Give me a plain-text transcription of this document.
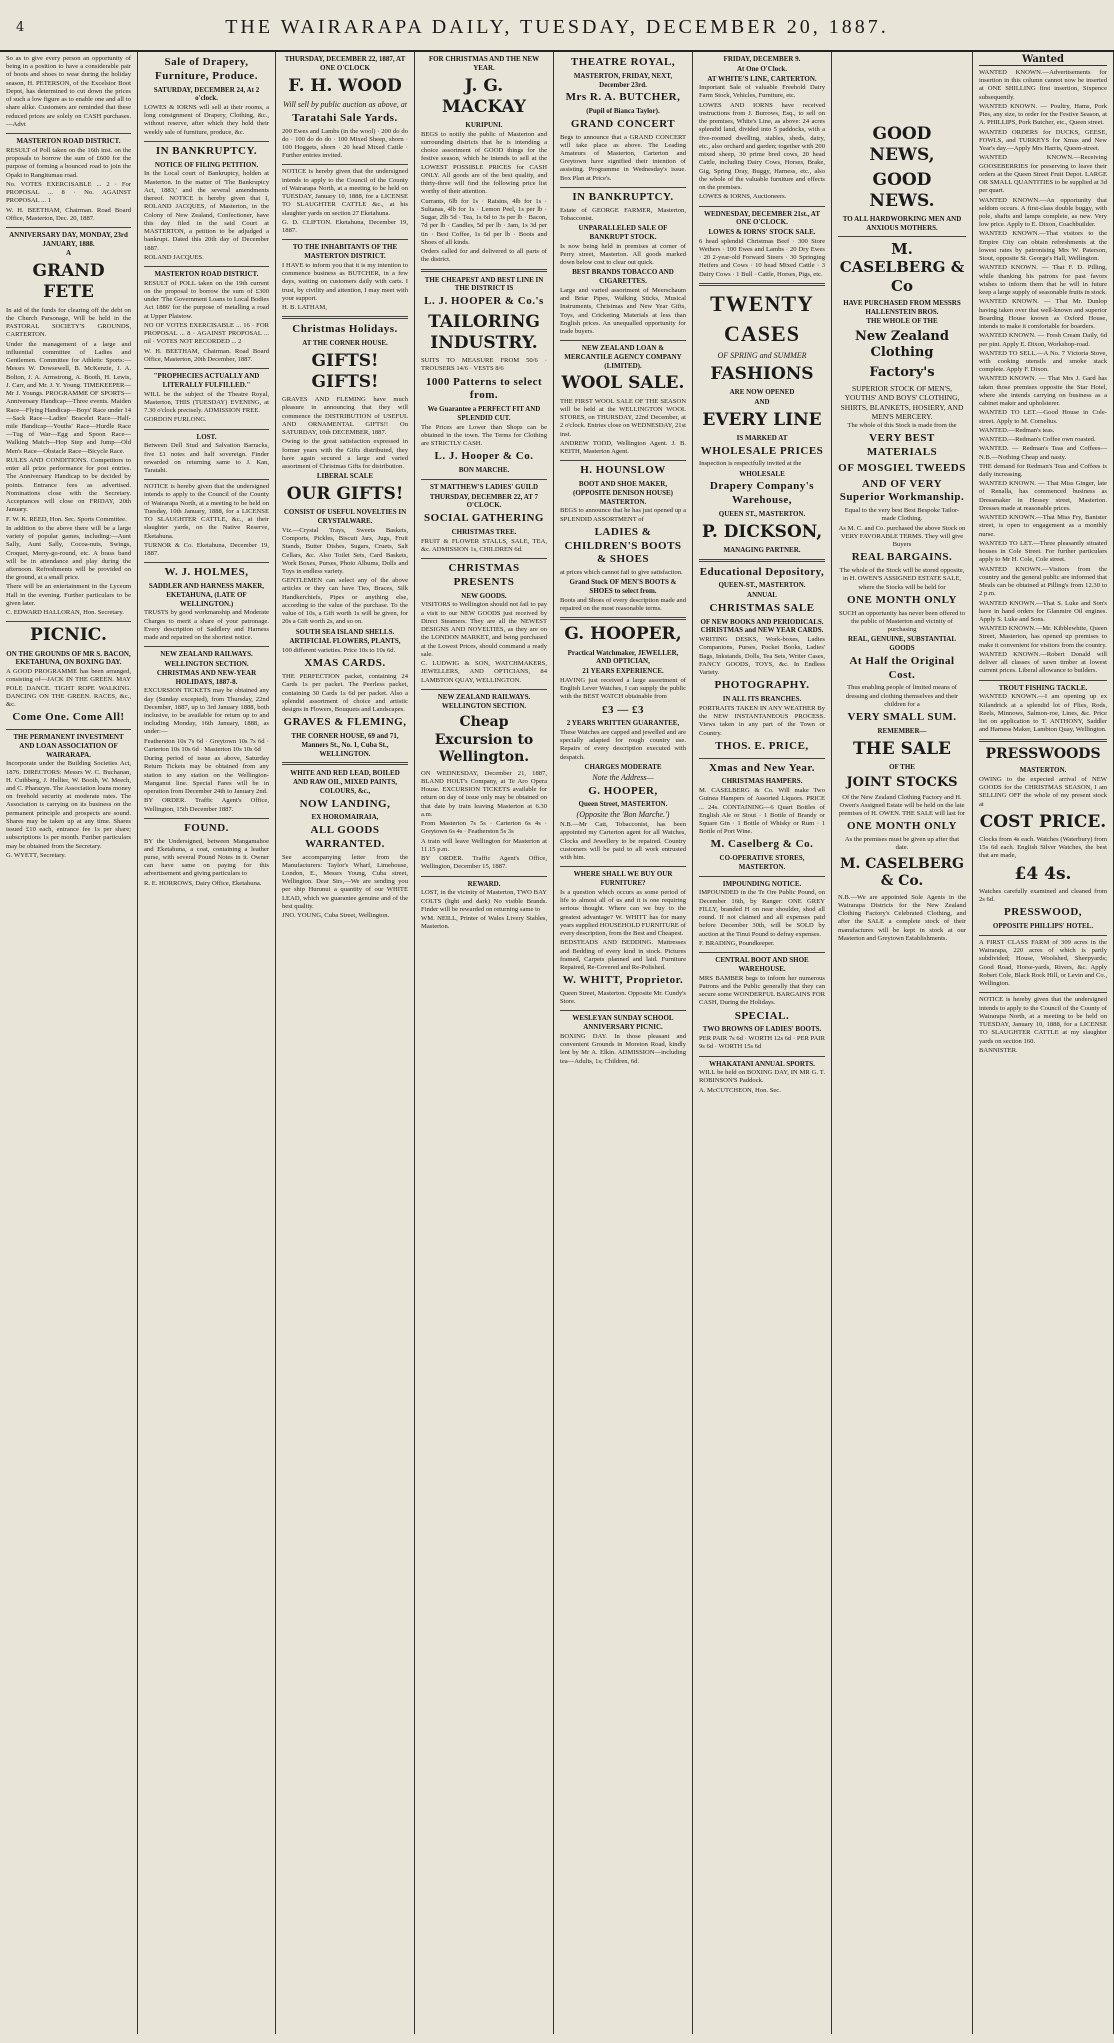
4	THE WAIRARAPA DAILY, TUESDAY, DECEMBER 20, 1887.

So as to give every person an opportunity of being in a position to have a considerable pair of boots and shoes to wear during the holiday season, H. PETERSON, of the Excelsior Boot Depot, has determined to cut down the prices of such a low figure as to enable one and all to share alike. Customers are reminded that these reduced prices are solely on CASH purchases.—Advt

MASTERTON ROAD DISTRICT.

RESULT of Poll taken on the 16th inst. on the proposals to borrow the sum of £600 for the purpose of forming a bounced road to join the Opaki to Rangitumau road.

No. VOTES EXERCISABLE ... 2 · For PROPOSAL ... 8 · No. AGAINST PROPOSAL ... 1

W. H. BEETHAM, Chairman. Road Board Office, Masterton, Dec. 20, 1887.

ANNIVERSARY DAY, MONDAY, 23rd JANUARY, 1888.
A
GRAND FETE

In aid of the funds for clearing off the debt on the Church Parsonage, Will be held in the PASTORAL SOCIETY'S GROUNDS, CARTERTON.

Under the management of a large and influential committee of Ladies and Gentlemen. Committee for Athletic Sports:—Messrs W. Dowsewell, B. McKenzie, J. A. Bolton, J. A. Armstrong, A. Booth, H. Lewis, J. Carr, and Mr. J. Y. Young. TIMEKEEPER—Mr J. Youngs. PROGRAMME OF SPORTS—Anniversary Handicap—Three events. Maiden Race—Flying Handicap—Boys' Race under 14—Sack Race—Ladies' Bracelet Race—Half-mile Handicap—Youths' Race—Hurdle Race—Tug of War—Egg and Spoon Race—Walking Match—Hop Step and Jump—Old Men's Race—Obstacle Race—Bicycle Race.

RULES AND CONDITIONS. Competitors to enter all prize performance for post entries. The Anniversary Handicap to be decided by points. Entrance fees as advertised. Nominations close with the Secretary. Acceptances will close on FRIDAY, 20th January.

F. W. K. REED, Hon. Sec. Sports Committee.

In addition to the above there will be a large variety of popular games, including:—Aunt Sally, Aunt Sally, Cocoa-nuts, Swings, Croquet, Merry-go-round, etc. A brass band will be in attendance and play during the afternoon. Refreshments will be provided on the ground, at a small price.

There will be an entertainment in the Lyceum Hall in the evening. Further particulars to be given later.

C. EDWARD HALLORAN, Hon. Secretary.

PICNIC.
ON THE GROUNDS OF MR S. BACON, EKETAHUNA, ON BOXING DAY.

A GOOD PROGRAMME has been arranged, consisting of—JACK IN THE GREEN. MAY POLE DANCE. TIGHT ROPE WALKING. DANCING ON THE GREEN. RACES, &c., &c.

Come One. Come All!
THE PERMANENT INVESTMENT AND LOAN ASSOCIATION OF WAIRARAPA.

Incorporate under the Building Societies Act, 1876. DIRECTORS: Messrs W. C. Buchanan, H. Cuthberg, J. Hellier, W. Booth, W. Meech, and C. Pharazyn. The Association loans money on freehold security at moderate rates. The Association is carrying on its business on the permanent principle and prospects are sound. Shares may be taken up at any time. Shares issued £10 each, entrance fee 1s per share; subscriptions 1s per month. Further particulars may be obtained from the Secretary.

G. WYETT, Secretary.

Sale of Drapery, Furniture, Produce.
SATURDAY, DECEMBER 24, At 2 o'clock.

LOWES & IORNS will sell at their rooms, a long consignment of Drapery, Clothing, &c., without reserve, after which they hold their weekly sale of furniture, produce, &c.

IN BANKRUPTCY.
NOTICE OF FILING PETITION.

In the Local court of Bankruptcy, holden at Masterton. In the matter of 'The Bankruptcy Act, 1883,' and the several amendments thereof. NOTICE is hereby given that I, ROLAND JACQUES, of Masterton, in the Colony of New Zealand, Confectioner, have this day filed in the said Court at MASTERTON, a petition to be adjudged a bankrupt. Dated this 20th day of December 1887.

ROLAND JACQUES.

MASTERTON ROAD DISTRICT.

RESULT of POLL taken on the 19th current on the proposal to borrow the sum of £300 under 'The Government Loans to Local Bodies Act 1886' for the purpose of metalling a road at Upper Plaistow.

NO OF VOTES EXERCISABLE ... 16 · FOR PROPOSAL ... 8 · AGAINST PROPOSAL ... nil · VOTES NOT RECORDED ... 2

W. H. BEETHAM, Chairman. Road Board Office, Masterton, 20th December, 1887.

"PROPHECIES ACTUALLY AND LITERALLY FULFILLED."

WILL be the subject of the Theatre Royal, Masterton, THIS (TUESDAY) EVENING, at 7.30 o'clock precisely. ADMISSION FREE.

GORDON FURLONG.

LOST.

Between Dell Stud and Salvation Barracks, five £1 notes and half sovereign. Finder rewarded on returning same to J. Kan, Taratahi.

NOTICE is hereby given that the undersigned intends to apply to the Council of the County of Wairarapa North, at a meeting to be held on Tuesday, 10th January, 1888, for a LICENSE TO SLAUGHTER CATTLE, &c., at their slaughter yards, on the Native Reserve, Eketahuna.

TURNOR & Co. Eketahuna, December 19, 1887.

W. J. HOLMES,
SADDLER AND HARNESS MAKER, EKETAHUNA, (LATE OF WELLINGTON.)

TRUSTS by good workmanship and Moderate Charges to merit a share of your patronage. Every description of Saddlery and Harness made and repaired on the shortest notice.

NEW ZEALAND RAILWAYS.
WELLINGTON SECTION. CHRISTMAS AND NEW-YEAR HOLIDAYS, 1887-8.

EXCURSION TICKETS may be obtained any day (Sunday excepted), from Thursday, 22nd December, 1887, up to 3rd January 1888, both inclusive, to be available for return up to and including Monday, 16th January, 1888, as under:—

Featherston 10s 7s 6d · Greytown 10s 7s 6d · Carterton 10s 10s 6d · Masterton 10s 10s 6d

During period of issue as above, Saturday Return Tickets may be obtained from any station to any station on the Wellington-Manganui line. Special Fares will be in operation from December 24th to January 2nd.

BY ORDER. Traffic Agent's Office, Wellington, 15th December 1887.

FOUND.

BY the Undersigned, between Mangamahoe and Eketahuna, a coat, containing a leather purse, with several Pound Notes in it. Owner can have same on paying for this advertisement and giving particulars to

R. E. HORROWS, Dairy Office, Eketahuna.

THURSDAY, DECEMBER 22, 1887, AT ONE O'CLOCK
F. H. WOOD
Will sell by public auction as above, at
Taratahi Sale Yards.

200 Ewes and Lambs (in the wool) · 200 do do do · 100 do do do · 100 Mixed Sheep, shorn · 100 Hoggets, shorn · 20 head Mixed Cattle · Further entries invited.

NOTICE is hereby given that the undersigned intends to apply to the Council of the County of Wairarapa North, at a meeting to be held on TUESDAY, January 10, 1888, for a LICENSE TO SLAUGHTER CATTLE &c., at his slaughter yards on section 27 Eketahuna.

G. D. CLIFTON. Eketahuna, December 19, 1887.

TO THE INHABITANTS OF THE MASTERTON DISTRICT.

I HAVE to inform you that it is my intention to commence business as BUTCHER, in a few days, waiting on customers daily with carts. I trust, by civility and attention, I may meet with your support.

H. B. LATHAM,

Christmas Holidays.
AT THE CORNER HOUSE.
GIFTS! GIFTS!

GRAVES AND FLEMING have much pleasure in announcing that they will commence the DISTRIBUTION of USEFUL AND ORNAMENTAL GIFTS!! On SATURDAY, 10th DECEMBER, 1887.

Owing to the great satisfaction expressed in former years with the Gifts distributed, they have again secured a large and varied assortment of Christmas Gifts for distribution.

LIBERAL SCALE
OUR GIFTS!
CONSIST OF USEFUL NOVELTIES IN CRYSTALWARE.

Viz.—Crystal Trays, Sweets Baskets, Comports, Pickles, Biscuit Jars, Jugs, Fruit Stands, Butter Dishes, Sugars, Cruets, Salt Cellars, &c. Also Toilet Sets, Card Baskets, Work Boxes, Purses, Photo Albums, Dolls and Toys in endless variety.

GENTLEMEN can select any of the above articles or they can have Ties, Braces, Silk Handkerchiefs, Pipes or anything else, according to the value of the purchase. To the value of 10s, a Gift worth 1s will be given, for 20s a Gift worth 2s, and so on.

SOUTH SEA ISLAND SHELLS.
ARTIFICIAL FLOWERS, PLANTS,

100 different varieties. Price 10s to 10s 6d.

XMAS CARDS.

THE PERFECTION packet, containing 24 Cards 1s per packet. The Peerless packet, containing 30 Cards 1s 6d per packet. Also a splendid assortment of choice and artistic designs in Flowers, Bouquets and Landscapes.

GRAVES & FLEMING,
THE CORNER HOUSE, 69 and 71, Manners St., No. 1, Cuba St., WELLINGTON.
WHITE AND RED LEAD, BOILED AND RAW OIL, MIXED PAINTS, COLOURS, &c.,
NOW LANDING,
EX HOROMAIRAIA,
ALL GOODS WARRANTED.

See accompanying letter from the Manufacturers: Taylor's Wharf, Limehouse, London, E., Messrs Young, Cuba street, Wellington. Dear Sirs,—We are sending you per ship Hurunui a quantity of our WHITE LEAD, which we guarantee genuine and of the best quality.

JNO. YOUNG, Cuba Street, Wellington.

FOR CHRISTMAS AND THE NEW YEAR.
J. G. MACKAY
KURIPUNI.

BEGS to notify the public of Masterton and surrounding districts that he is intending a choice assortment of GOOD things for the festive season, which he intends to sell at the LOWEST POSSIBLE PRICES for CASH ONLY. All goods are of the best quality, and thirty-three will find the following price list worthy of their attention.

Currants, 6lb for 1s · Raisins, 4lb for 1s · Sultanas, 4lb for 1s · Lemon Peel, 1s per lb · Sugar, 2lb 5d · Tea, 1s 6d to 3s per lb · Bacon, 7d per lb · Candles, 5d per lb · Jam, 1s 3d per tin · Best Coffee, 1s 6d per lb · Boots and Shoes of all kinds.

Orders called for and delivered to all parts of the district.

THE CHEAPEST AND BEST LINE IN THE DISTRICT IS
L. J. HOOPER & Co.'s
TAILORING INDUSTRY.

SUITS TO MEASURE FROM 50/6 · TROUSERS 14/6 · VESTS 8/6

1000 Patterns to select from.
We Guarantee a PERFECT FIT AND SPLENDID CUT.

The Prices are Lower than Shops can be obtained in the town. The Terms for Clothing are STRICTLY CASH.

L. J. Hooper & Co.
BON MARCHE.
ST MATTHEW'S LADIES' GUILD
THURSDAY, DECEMBER 22, AT 7 O'CLOCK.
SOCIAL GATHERING
CHRISTMAS TREE.

FRUIT & FLOWER STALLS, SALE, TEA, &c. ADMISSION 1s, CHILDREN 6d.

CHRISTMAS PRESENTS
NEW GOODS.

VISITORS to Wellington should not fail to pay a visit to our NEW GOODS just received by Direct Steamers. They are all the NEWEST DESIGNS AND NOVELTIES, as they are on the LONDON MARKET, and being purchased at the Lowest Prices, should command a ready sale.

C. LUDWIG & SON, WATCHMAKERS, JEWELLERS, AND OPTICIANS, 84 LAMBTON QUAY, WELLINGTON.

NEW ZEALAND RAILWAYS.
WELLINGTON SECTION.
Cheap Excursion to Wellington.

ON WEDNESDAY, December 21, 1887, BLAND HOLT's Company, at Te Aro Opera House. EXCURSION TICKETS available for return on day of issue only may be obtained on that date by train leaving Masterton at 6.30 a.m.

From Masterton 7s 5s · Carterton 6s 4s · Greytown 6s 4s · Featherston 5s 3s

A train will leave Wellington for Masterton at 11.15 p.m.

BY ORDER. Traffic Agent's Office, Wellington, December 15, 1887.

REWARD.

LOST, in the vicinity of Masterton, TWO BAY COLTS (light and dark) No visible Brands. Finder will be rewarded on returning same to

WM. NEILL, Printer of Wales Livery Stables, Masterton.

THEATRE ROYAL,
MASTERTON, FRIDAY, NEXT, December 23rd.
Mrs R. A. BUTCHER,
(Pupil of Bianca Taylor).
GRAND CONCERT

Begs to announce that a GRAND CONCERT will take place as above. The Leading Amateurs of Masterton, Carterton and Greytown have signified their intention of assisting. Programme in Wednesday's issue. Box Plan at Price's.

IN BANKRUPTCY.

Estate of GEORGE FARMER, Masterton, Tobacconist.

UNPARALLELED SALE OF BANKRUPT STOCK.

Is now being held in premises at corner of Perry street, Masterton. All goods marked down below cost to clear out quick.

BEST BRANDS TOBACCO AND CIGARETTES.

Large and varied assortment of Meerschaum and Briar Pipes, Walking Sticks, Musical Instruments, Christmas and New Year Gifts, Toys, and Cricketing Materials at less than English prices. An unequalled opportunity for trade buyers.

NEW ZEALAND LOAN & MERCANTILE AGENCY COMPANY (LIMITED).
WOOL SALE.

THE FIRST WOOL SALE OF THE SEASON will be held at the WELLINGTON WOOL STORES, on THURSDAY, 22nd December, at 2 o'clock. Entries close on WEDNESDAY, 21st inst.

ANDREW TODD, Wellington Agent. J. B. KEITH, Masterton Agent.

H. HOUNSLOW
BOOT AND SHOE MAKER, (OPPOSITE DENISON HOUSE) MASTERTON.

BEGS to announce that he has just opened up a SPLENDID ASSORTMENT of

LADIES & CHILDREN'S BOOTS & SHOES

at prices which cannot fail to give satisfaction.

Grand Stock OF MEN'S BOOTS & SHOES to select from.

Boots and Shoes of every description made and repaired on the most reasonable terms.

G. HOOPER,
Practical Watchmaker, JEWELLER, AND OPTICIAN,
21 YEARS EXPERIENCE.

HAVING just received a large assortment of English Lever Watches, I can supply the public with the BEST WATCH obtainable from

£3 — £3
2 YEARS WRITTEN GUARANTEE,

These Watches are capped and jewelled and are specially adapted for rough country use. Repairs of every description executed with despatch.

CHARGES MODERATE
Note the Address—
G. HOOPER,
Queen Street, MASTERTON.
(Opposite the 'Bon Marche.')

N.B.—Mr Catt, Tobacconist, has been appointed my Carterton agent for all Watches, Clocks and Jewellery to be repaired. Country customers will be paid to all work entrusted with him.

WHERE SHALL WE BUY OUR FURNITURE?

Is a question which occurs as some period of life to almost all of us and it is one requiring serious thought. Where can we buy to the greatest advantage? W. WHITT has for many years supplied HOUSEHOLD FURNITURE of every description, from the Best and Cheapest.

BEDSTEADS AND BEDDING. Mattresses and Bedding of every kind in stock. Pictures framed, Carpets planned and laid. Furniture Repaired, Re-Covered and Re-Polished.

W. WHITT, Proprietor.

Queen Street, Masterton. Opposite Mr. Cundy's Store.

WESLEYAN SUNDAY SCHOOL ANNIVERSARY PICNIC.

BOXING DAY. In those pleasant and convenient Grounds in Moreton Road, kindly lent by Mr A. Elkin. ADMISSION—including tea—Adults, 1s; Children, 6d.

FRIDAY, DECEMBER 9.
At One O'Clock.
AT WHITE'S LINE, CARTERTON.

Important Sale of valuable Freehold Dairy Farm Stock, Vehicles, Furniture, etc.

LOWES AND IORNS have received instructions from J. Burrows, Esq., to sell on the premises, White's Line, as above: 24 acres splendid land, divided into 5 paddocks, with a five-roomed dwelling, stables, sheds, dairy, etc., also orchard and garden; together with 200 mixed sheep, 30 prime bred cows, 20 head Cattle, including Dairy Cows, Horses, Brake, Gig, Spring Dray, Buggy, Harness, etc., also the whole of the valuable furniture and effects on the premises.

LOWES & IORNS, Auctioneers.

WEDNESDAY, DECEMBER 21st., AT ONE O'CLOCK.
LOWES & IORNS' STOCK SALE.

6 head splendid Christmas Beef · 300 Store Wethers · 100 Ewes and Lambs · 20 Dry Ewes · 20 2-year-old Forward Steers · 30 Springing Heifers and Cows · 10 head Mixed Cattle · 3 Dairy Cows · 1 Bull · Cattle, Horses, Pigs, etc.

TWENTY
CASES
OF SPRING and SUMMER
FASHIONS
ARE NOW OPENED
AND
EVERY LINE
IS MARKED AT
WHOLESALE PRICES

Inspection is respectfully invited at the

WHOLESALE
Drapery Company's Warehouse,
QUEEN ST., MASTERTON.
P. DICKSON,
MANAGING PARTNER.
Educational Depository,
QUEEN-ST., MASTERTON.
ANNUAL
CHRISTMAS SALE
OF NEW BOOKS AND PERIODICALS. CHRISTMAS and NEW YEAR CARDS.

WRITING DESKS, Work-boxes, Ladies Companions, Purses, Pocket Books, Ladies' Bags, Inkstands, Dolls, Tea Sets, Writer Cases, FANCY GOODS, TOYS, &c. In Endless Variety.

PHOTOGRAPHY.
IN ALL ITS BRANCHES.

PORTRAITS TAKEN IN ANY WEATHER By the NEW INSTANTANEOUS PROCESS. Views taken in any part of the Town or Country.

THOS. E. PRICE,
Xmas and New Year.
CHRISTMAS HAMPERS.

M. CASELBERG & Co. Will make Two Guinea Hampers of Assorted Liquors. PRICE ... 24s. CONTAINING—6 Quart Bottles of English Ale or Stout · 1 Bottle of Brandy or Square Gin · 1 Bottle of Whisky or Rum · 1 Bottle of Port Wine.

M. Caselberg & Co.
CO-OPERATIVE STORES, MASTERTON.
IMPOUNDING NOTICE.

IMPOUNDED in the Te Ore Public Pound, on December 16th, by Ranger: ONE GREY FILLY, branded H on near shoulder, shod all round. If not claimed and all expenses paid before December 30th, will be SOLD by auction at the Tinui Pound to defray expenses.

F. BRADING, Poundkeeper.

CENTRAL BOOT AND SHOE WAREHOUSE.

MRS BAMBER begs to inform her numerous Patrons and the Public generally that they can secure some WONDERFUL BARGAINS FOR CASH, During the Holidays.

SPECIAL.
TWO BROWNS OF LADIES' BOOTS.

PER PAIR 7s 6d · WORTH 12s 6d · PER PAIR 9s 6d · WORTH 15s 6d

WHAKATANI ANNUAL SPORTS.

WILL be held on BOXING DAY, IN MR G. T. ROBINSON'S Paddock.

A. McCUTCHEON, Hon. Sec.

GOOD NEWS,
GOOD NEWS.
TO ALL HARDWORKING MEN AND ANXIOUS MOTHERS.
M. CASELBERG & Co
HAVE PURCHASED FROM MESSRS HALLENSTEIN BROS.
THE WHOLE OF THE
New Zealand Clothing
Factory's

SUPERIOR STOCK OF MEN'S, YOUTHS' AND BOYS' CLOTHING, SHIRTS, BLANKETS, HOSIERY, AND MEN'S MERCERY.

The whole of this Stock is made from the

VERY BEST MATERIALS
OF MOSGIEL TWEEDS
AND OF VERY Superior Workmanship.

Equal to the very best Best Bespoke Tailor-made Clothing.

As M. C. and Co. purchased the above Stock on VERY FAVORABLE TERMS. They will give Buyers

REAL BARGAINS.

The whole of the Stock will be stored opposite, in H. OWEN'S ASSIGNED ESTATE SALE, where the Stocks will be held for

ONE MONTH ONLY

SUCH an opportunity has never been offered to the public of Masterton and vicinity of purchasing

REAL, GENUINE, SUBSTANTIAL GOODS
At Half the Original Cost.

Thus enabling people of limited means of dressing and clothing themselves and their children for a

VERY SMALL SUM.
REMEMBER—
THE SALE
OF THE
JOINT STOCKS

Of the New Zealand Clothing Factory and H. Owen's Assigned Estate will be held on the late premises of H. OWEN. THE SALE will last for

ONE MONTH ONLY

As the premises must be given up after that date.

M. CASELBERG & Co.

N.B.—We are appointed Sole Agents in the Wairarapa Districts for the New Zealand Clothing Factory's Celebrated Clothing, and after the SALE a complete stock of their manufactures will be kept in stock at our Masterton and Greytown Establishments.

Wanted

WANTED KNOWN.—Advertisements for insertion in this column cannot now be inserted at ONE SHILLING first insertion, Sixpence subsequently.

WANTED KNOWN. — Poultry, Hams, Pork Pies, any size, to order for the Festive Season, at A. PHILLIPS, Pork Butcher, etc., Queen street.

WANTED ORDERS for DUCKS, GEESE, FOWLS, and TURKEYS for Xmas and New Year's day.—Apply Mrs Harris, Queen-street.

WANTED KNOWN.—Receiving GOOSEBERRIES for preserving to leave their orders at the Queen Street Fruit Depot. LARGE OR SMALL QUANTITIES to be supplied at 3d per quart.

WANTED KNOWN.—An opportunity that seldom occurs. A first-class double buggy, with pole, shafts and lamps complete, as new. Very low price. Apply to E. Dixon, Coachbuilder.

WANTED KNOWN.—That visitors to the Empire City can obtain refreshments at the lowest rates by patronising Mrs W. Paterson, Stout, opposite St. George's Hall, Wellington.

WANTED KNOWN. — That F. D. Pilling, while thanking his patrons for past favors wishes to inform them that he will in future keep a large supply of seasonable fruits in stock.

WANTED KNOWN. — That Mr. Dunlop having taken over that well-known and superior Boarding House known as Oxford House, intends to make it comfortable for boarders.

WANTED KNOWN. — Fresh Cream Daily, 6d per pint. Apply E. Dixon, Workshop-road.

WANTED TO SELL.—A No. 7 Victoria Stove, with cooking utensils and smoke stack complete. Apply F. Dixon.

WANTED KNOWN. — That Mrs J. Gard has taken those premises opposite the Star Hotel, where she intends carrying on business as a cabinet maker and upholsterer.

WANTED TO LET.—Good House in Cole-street. Apply to M. Cornelius.

WANTED.—Redman's teas.

WANTED.—Redman's Coffee own roasted.

WANTED. — Redman's Teas and Coffees—N.B.—Nothing Cheap and nasty.

THE demand for Redman's Teas and Coffees is daily increasing.

WANTED KNOWN. — That Miss Ginger, late of Renalla, has commenced business as Dressmaker in Hessey street, Masterton. Dresses made at reasonable prices.

WANTED KNOWN.—That Miss Fry, Banister street, is open to engagement as a monthly nurse.

WANTED TO LET.—Three pleasantly situated houses in Cole Street. For further particulars apply to Mr H. Cole, Cole street.

WANTED KNOWN.—Visitors from the country and the general public are informed that Meals can be obtained at Pilling's from 12.30 to 2 p.m.

WANTED KNOWN.—That S. Luke and Son's have in hand orders for Glanmire Oil engines. Apply S. Luke and Sons.

WANTED KNOWN.—Mr. Kibblewhite, Queen Street, Masterton, has opened up premises to make it convenient for visitors from the country.

WANTED KNOWN.—Robert Donald will deliver all classes of sawn timber at lowest current prices. Liberal allowance to builders.

TROUT FISHING TACKLE.

WANTED KNOWN.—I am opening up ex Kilandrick at a splendid lot of Flies, Rods, Reels, Minnows, Salmon-roe, Lines, &c. Price list on application to T. ANTHONY, Saddler and Harness Maker, Lambton Quay, Wellington.

PRESSWOODS
MASTERTON.

OWING to the expected arrival of NEW GOODS for the CHRISTMAS SEASON, I am SELLING OFF the whole of my present stock at

COST PRICE.

Clocks from 4s each. Watches (Waterbury) from 15s 6d each. English Silver Watches, the best that are made,

£4 4s.

Watches carefully examined and cleaned from 2s 6d.

PRESSWOOD,
OPPOSITE PHILLIPS' HOTEL.

A FIRST CLASS FARM of 309 acres in the Wairarapa, 220 acres of which is partly subdivided; House, Woolshed, Sheepyards; Good Road, Horse-yards, Rivers, &c. Apply Robert Cole, Black Rock Hill, or Levin and Co., Wellington.

NOTICE is hereby given that the undersigned intends to apply to the Council of the County of Wairarapa North, at a meeting to be held on TUESDAY, January 10, 1888, for a LICENSE TO SLAUGHTER CATTLE at my slaughter yards on section 160.

BANNISTER.
